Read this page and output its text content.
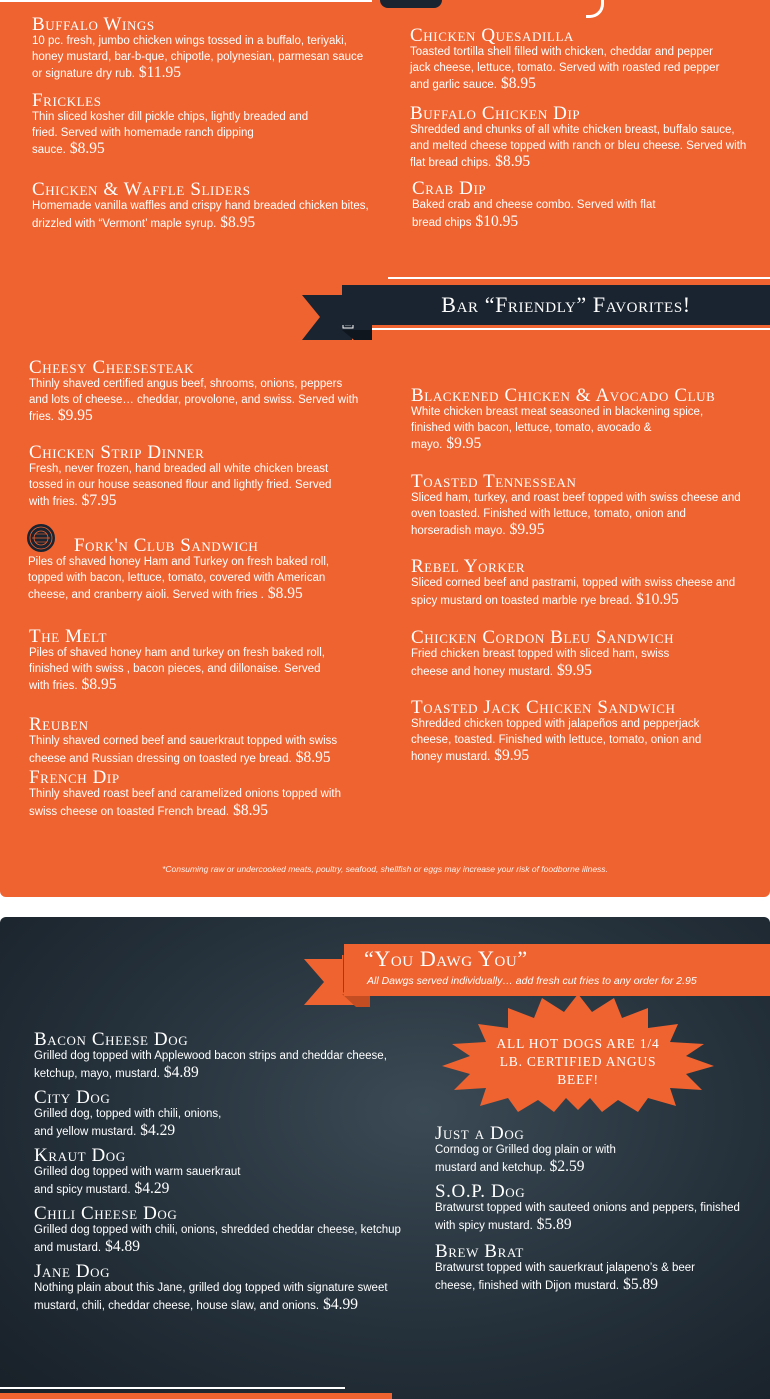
Buffalo Wings
10 pc. fresh, jumbo chicken wings tossed in a buffalo, teriyaki, honey mustard, bar-b-que, chipotle, polynesian, parmesan sauce or signature dry rub. $11.95
Frickles
Thin sliced kosher dill pickle chips, lightly breaded and fried. Served with homemade ranch dipping sauce. $8.95
Chicken & Waffle Sliders
Homemade vanilla waffles and crispy hand breaded chicken bites, drizzled with “Vermont’ maple syrup. $8.95
Chicken Quesadilla
Toasted tortilla shell filled with chicken, cheddar and pepper jack cheese, lettuce, tomato. Served with roasted red pepper and garlic sauce. $8.95
Buffalo Chicken Dip
Shredded and chunks of all white chicken breast, buffalo sauce, and melted cheese topped with ranch or bleu cheese. Served with flat bread chips. $8.95
Crab Dip
Baked crab and cheese combo. Served with flat bread chips $10.95
Bar “Friendly” Favorites!
Cheesy Cheesesteak
Thinly shaved certified angus beef, shrooms, onions, peppers and lots of cheese… cheddar, provolone, and swiss. Served with fries. $9.95
Chicken Strip Dinner
Fresh, never frozen, hand breaded all white chicken breast tossed in our house seasoned flour and lightly fried. Served with fries. $7.95
Fork'n Club Sandwich
Piles of shaved honey Ham and Turkey on fresh baked roll, topped with bacon, lettuce, tomato, covered with American cheese, and cranberry aioli. Served with fries . $8.95
The Melt
Piles of shaved honey ham and turkey on fresh baked roll, finished with swiss , bacon pieces, and dillonaise. Served with fries. $8.95
Reuben
Thinly shaved corned beef and sauerkraut topped with swiss cheese and Russian dressing on toasted rye bread. $8.95
French Dip
Thinly shaved roast beef and caramelized onions topped with swiss cheese on toasted French bread. $8.95
Blackened Chicken & Avocado Club
White chicken breast meat seasoned in blackening spice, finished with bacon, lettuce, tomato, avocado & mayo. $9.95
Toasted Tennessean
Sliced ham, turkey, and roast beef topped with swiss cheese and oven toasted. Finished with lettuce, tomato, onion and horseradish mayo. $9.95
Rebel Yorker
Sliced corned beef and pastrami, topped with swiss cheese and spicy mustard on toasted marble rye bread. $10.95
Chicken Cordon Bleu Sandwich
Fried chicken breast topped with sliced ham, swiss cheese and honey mustard. $9.95
Toasted Jack Chicken Sandwich
Shredded chicken topped with jalapeños and pepperjack cheese, toasted. Finished with lettuce, tomato, onion and honey mustard. $9.95
*Consuming raw or undercooked meats, poultry, seafood, shellfish or eggs may increase your risk of foodborne illness.
“You Dawg You”
All Dawgs served individually… add fresh cut fries to any order for 2.95
ALL HOT DOGS ARE 1/4 LB. CERTIFIED ANGUS BEEF!
Bacon Cheese Dog
Grilled dog topped with Applewood bacon strips and cheddar cheese, ketchup, mayo, mustard. $4.89
City Dog
Grilled dog, topped with chili, onions, and yellow mustard. $4.29
Kraut Dog
Grilled dog topped with warm sauerkraut and spicy mustard. $4.29
Chili Cheese Dog
Grilled dog topped with chili, onions, shredded cheddar cheese, ketchup and mustard. $4.89
Jane Dog
Nothing plain about this Jane, grilled dog topped with signature sweet mustard, chili, cheddar cheese, house slaw, and onions. $4.99
Just a Dog
Corndog or Grilled dog plain or with mustard and ketchup. $2.59
S.O.P. Dog
Bratwurst topped with sauteed onions and peppers, finished with spicy mustard. $5.89
Brew Brat
Bratwurst topped with sauerkraut jalapeno’s & beer cheese, finished with Dijon mustard. $5.89
